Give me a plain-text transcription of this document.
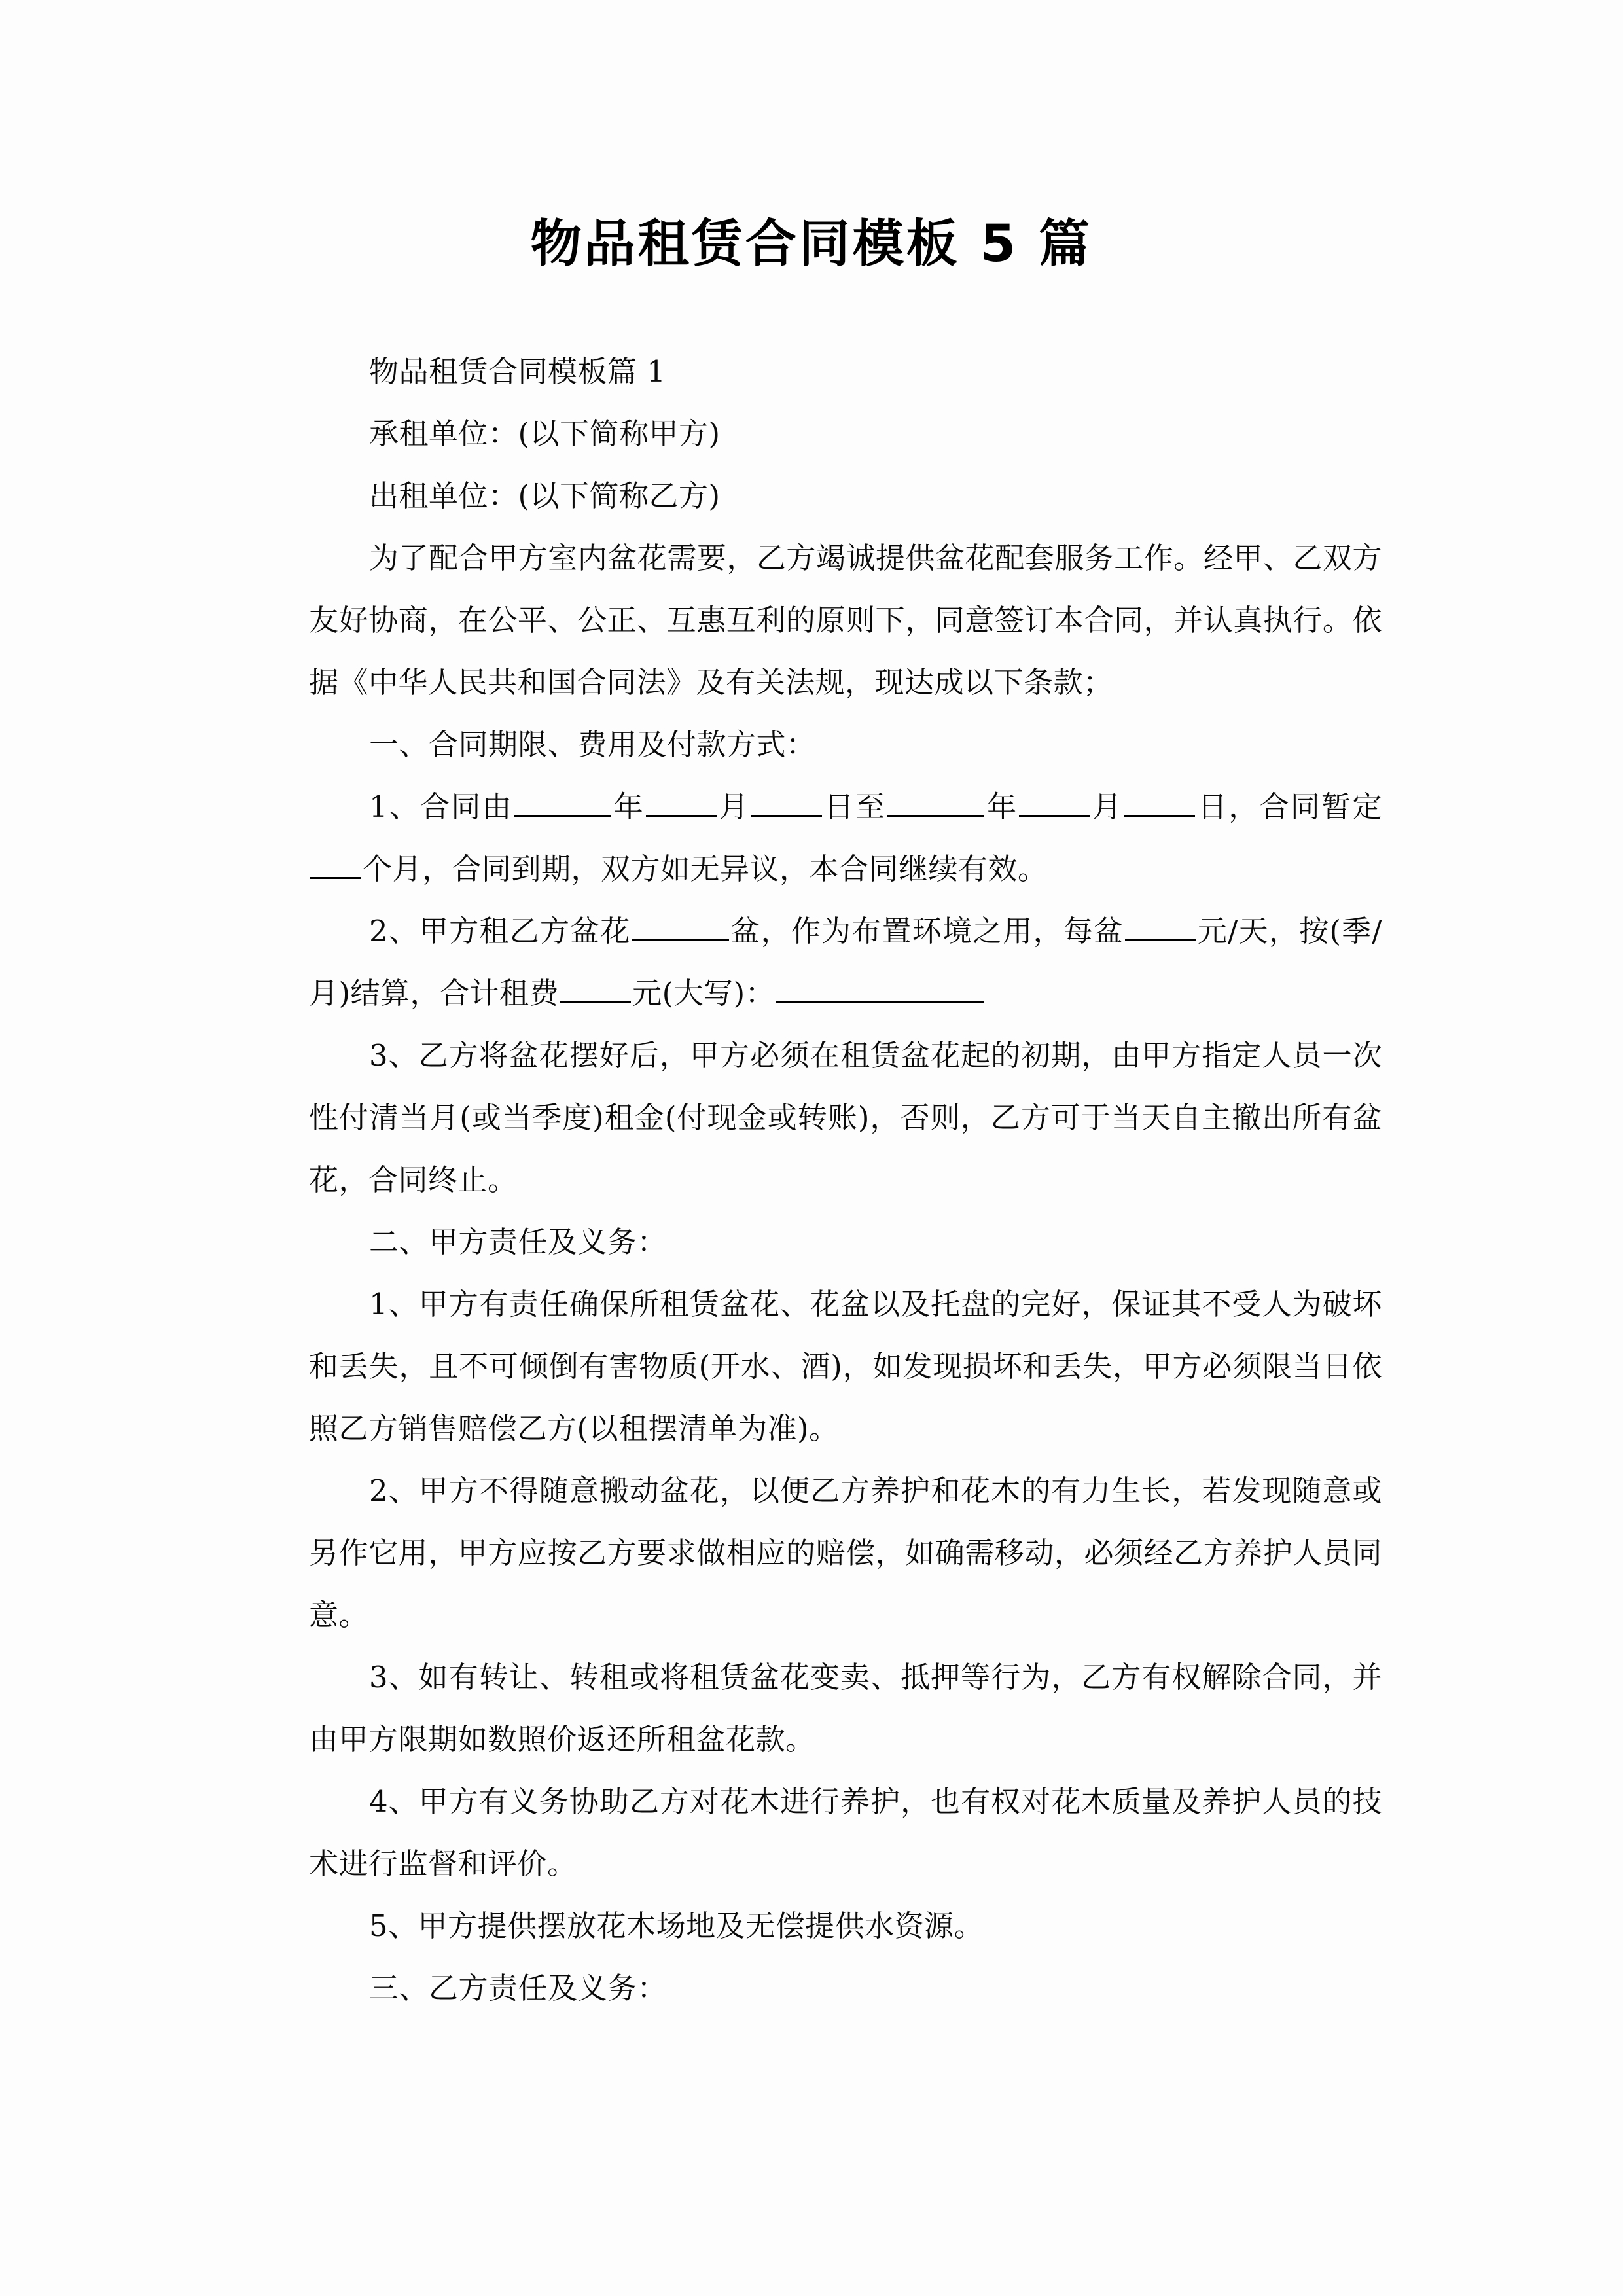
物品租赁合同模板 5 篇

物品租赁合同模板篇 1

承租单位：(以下简称甲方)

出租单位：(以下简称乙方)

为了配合甲方室内盆花需要，乙方竭诚提供盆花配套服务工作。经甲、乙双方友好协商，在公平、公正、互惠互利的原则下，同意签订本合同，并认真执行。依据《中华人民共和国合同法》及有关法规，现达成以下条款；

一、合同期限、费用及付款方式：

1、合同由	年 月 日至	年 月 日，合同暂定个月，合同到期，双方如无异议，本合同继续有效。

2、甲方租乙方盆花	盆，作为布置环境之用，每盆 元/天，按(季/月)结算，合计租费 元(大写)：

3、乙方将盆花摆好后，甲方必须在租赁盆花起的初期，由甲方指定人员一次性付清当月(或当季度)租金(付现金或转账)，否则，乙方可于当天自主撤出所有盆花，合同终止。

二、甲方责任及义务：

1、甲方有责任确保所租赁盆花、花盆以及托盘的完好，保证其不受人为破坏和丢失，且不可倾倒有害物质(开水、酒)，如发现损坏和丢失，甲方必须限当日依照乙方销售赔偿乙方(以租摆清单为准)。

2、甲方不得随意搬动盆花，以便乙方养护和花木的有力生长，若发现随意或另作它用，甲方应按乙方要求做相应的赔偿，如确需移动，必须经乙方养护人员同意。

3、如有转让、转租或将租赁盆花变卖、抵押等行为，乙方有权解除合同，并由甲方限期如数照价返还所租盆花款。

4、甲方有义务协助乙方对花木进行养护，也有权对花木质量及养护人员的技术进行监督和评价。

5、甲方提供摆放花木场地及无偿提供水资源。

三、乙方责任及义务：
